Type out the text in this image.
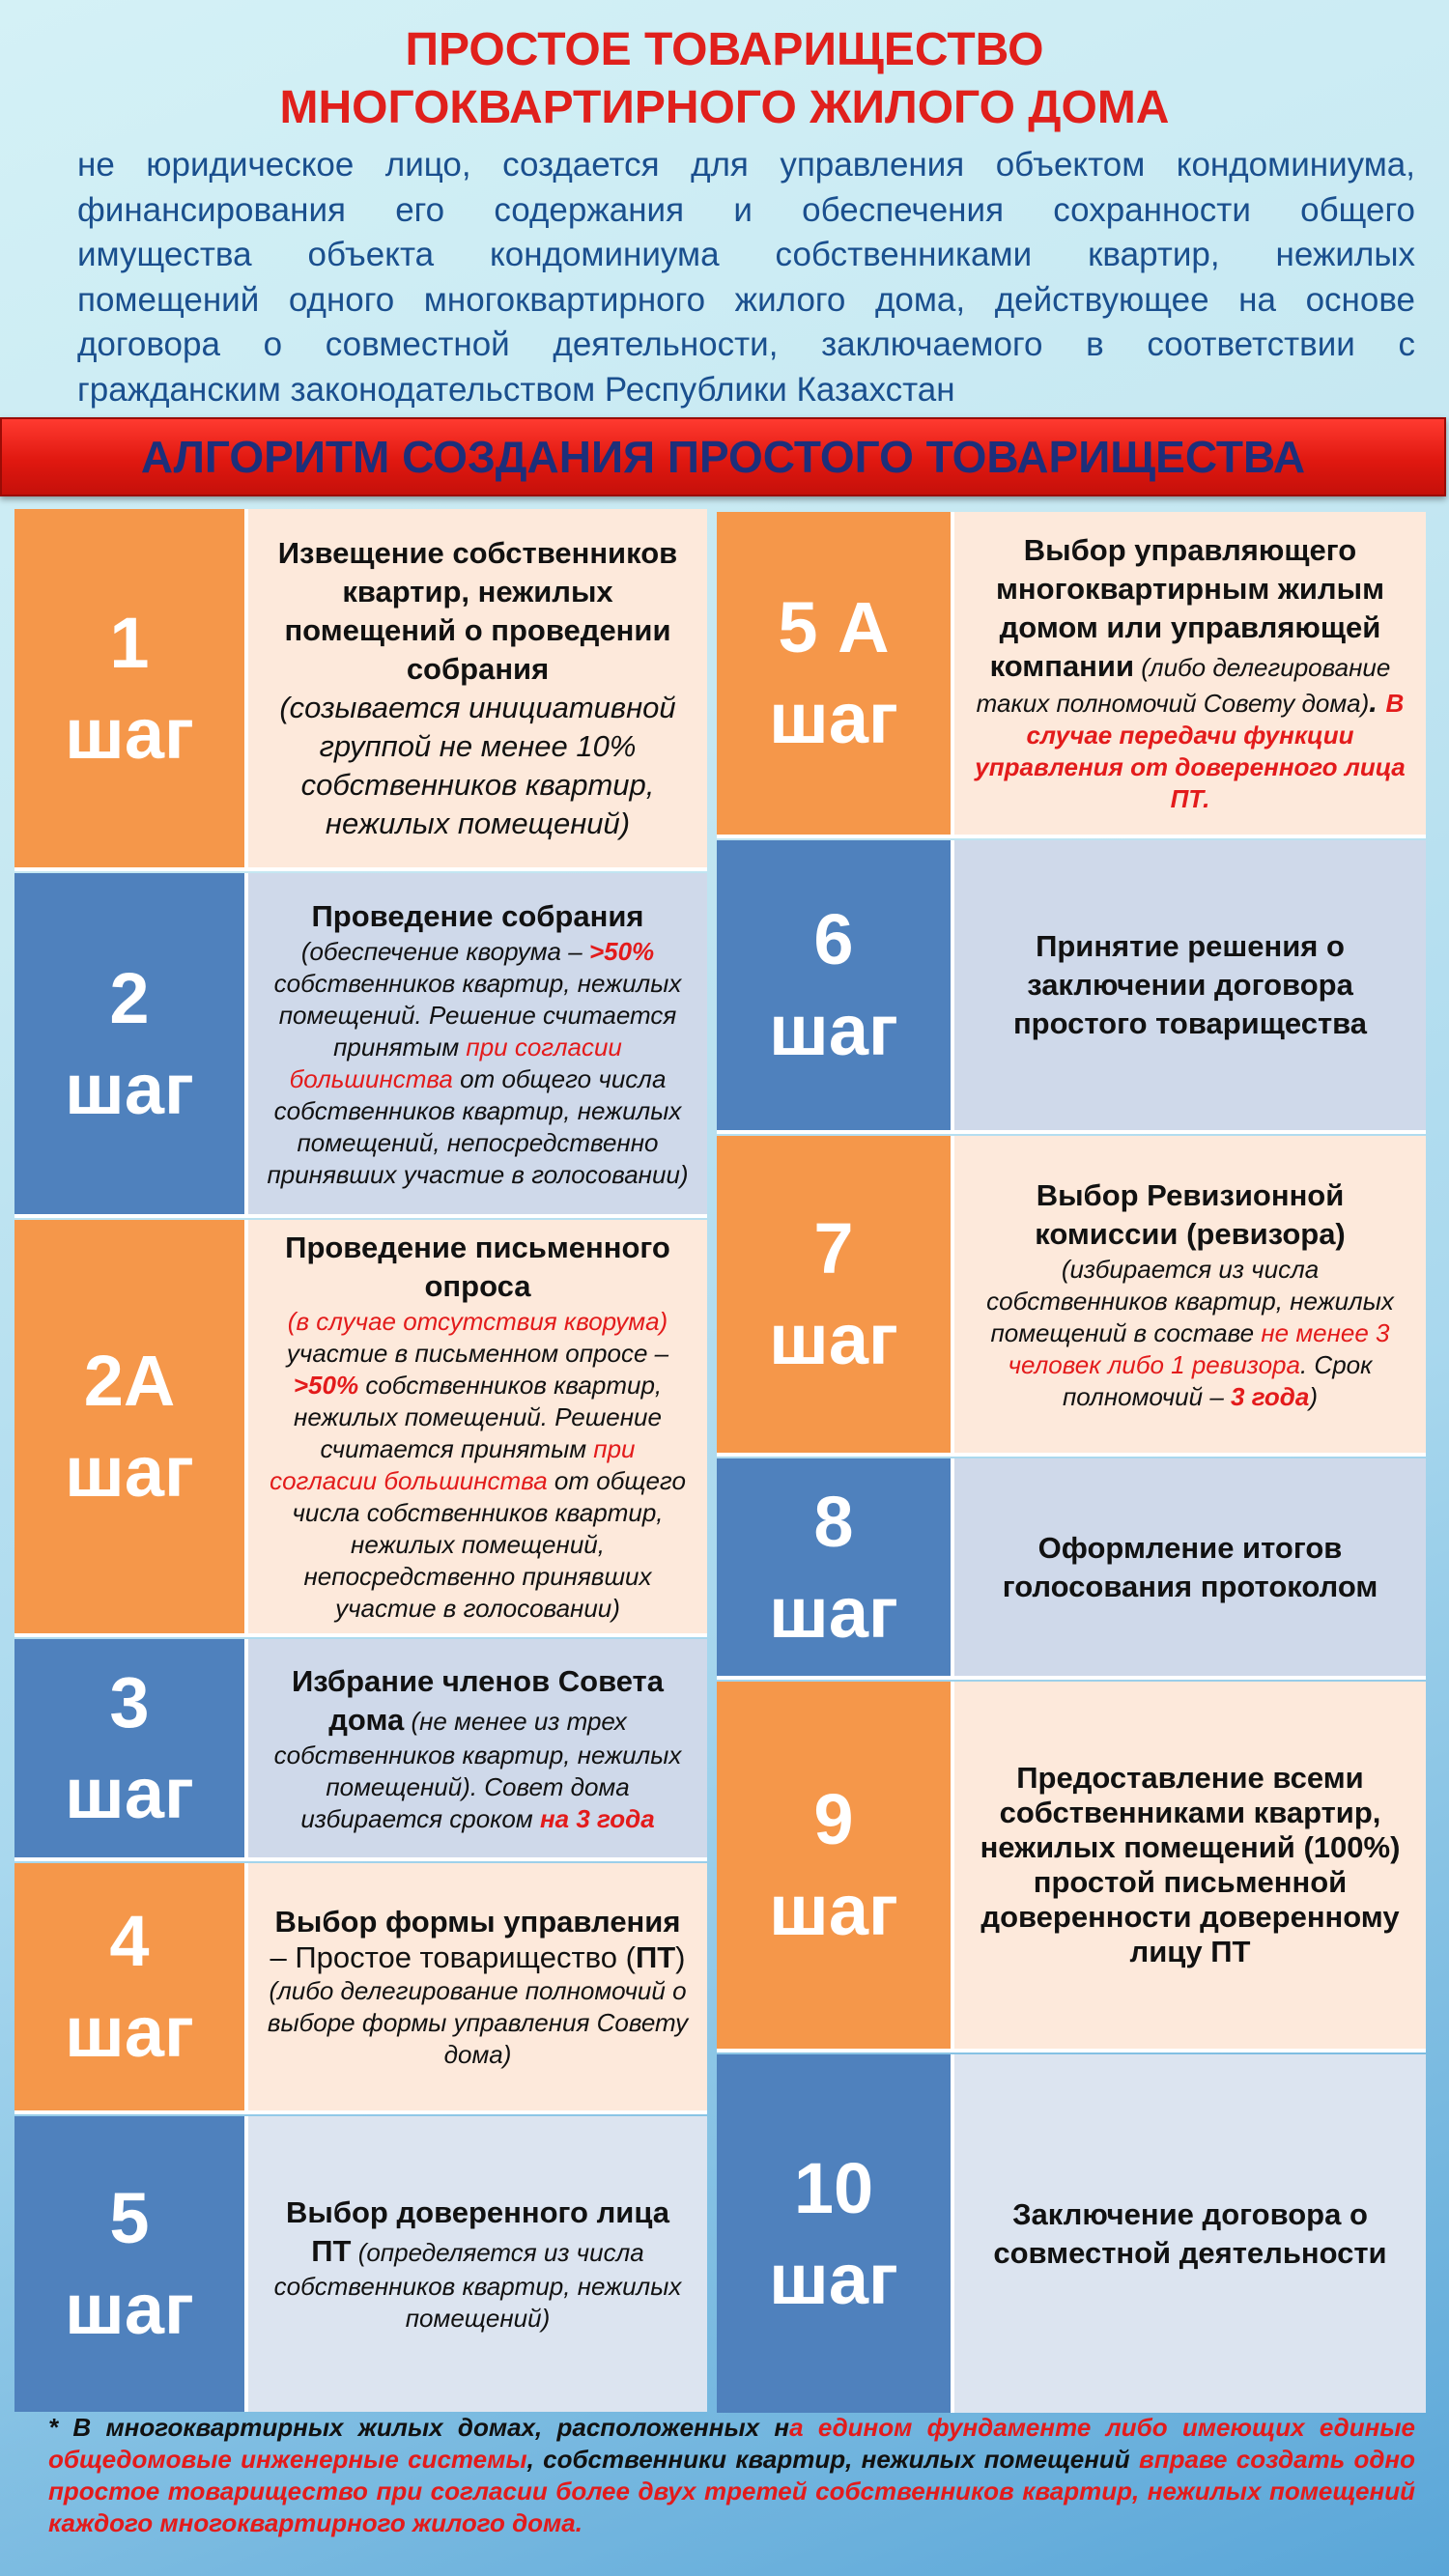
ПРОСТОЕ ТОВАРИЩЕСТВО
МНОГОКВАРТИРНОГО ЖИЛОГО ДОМА
не юридическое лицо, создается для управления объектом кондоминиума,
финансирования его содержания и обеспечения сохранности общего
имущества объекта кондоминиума собственниками квартир, нежилых
помещений одного многоквартирного жилого дома, действующее на основе
договора о совместной деятельности, заключаемого в соответствии с
гражданским законодательством Республики Казахстан
АЛГОРИТМ СОЗДАНИЯ ПРОСТОГО ТОВАРИЩЕСТВА
1
шаг
Извещение собственников квартир, нежилых помещений о проведении собрания
(созывается инициативной группой не менее 10% собственников квартир, нежилых помещений)
2
шаг
Проведение собрания
(обеспечение кворума – >50% собственников квартир, нежилых помещений. Решение считается принятым при согласии большинства от общего числа собственников квартир, нежилых помещений, непосредственно принявших участие в голосовании)
2А
шаг
Проведение письменного опроса
(в случае отсутствия кворума) участие в письменном опросе – >50% собственников квартир, нежилых помещений. Решение считается принятым при согласии большинства от общего числа собственников квартир, нежилых помещений, непосредственно принявших участие в голосовании)
3
шаг
Избрание членов Совета дома (не менее из трех собственников квартир, нежилых помещений). Совет дома избирается сроком на 3 года
4
шаг
Выбор формы управления – Простое товарищество (ПТ) (либо делегирование полномочий о выборе формы управления Совету дома)
5
шаг
Выбор доверенного лица ПТ (определяется из числа собственников квартир, нежилых помещений)
5 А
шаг
Выбор управляющего многоквартирным жилым домом или управляющей компании (либо делегирование таких полномочий Совету дома). В случае передачи функции управления от доверенного лица ПТ.
6
шаг
Принятие решения о заключении договора простого товарищества
7
шаг
Выбор Ревизионной комиссии (ревизора)
(избирается из числа собственников квартир, нежилых помещений в составе не менее 3 человек либо 1 ревизора. Срок полномочий – 3 года)
8
шаг
Оформление итогов голосования протоколом
9
шаг
Предоставление всеми собственниками квартир, нежилых помещений (100%) простой письменной доверенности доверенному лицу ПТ
10
шаг
Заключение договора о совместной деятельности
* В многоквартирных жилых домах, расположенных на едином фундаменте либо имеющих единые общедомовые инженерные системы, собственники квартир, нежилых помещений вправе создать одно простое товарищество при согласии более двух третей собственников квартир, нежилых помещений каждого многоквартирного жилого дома.
